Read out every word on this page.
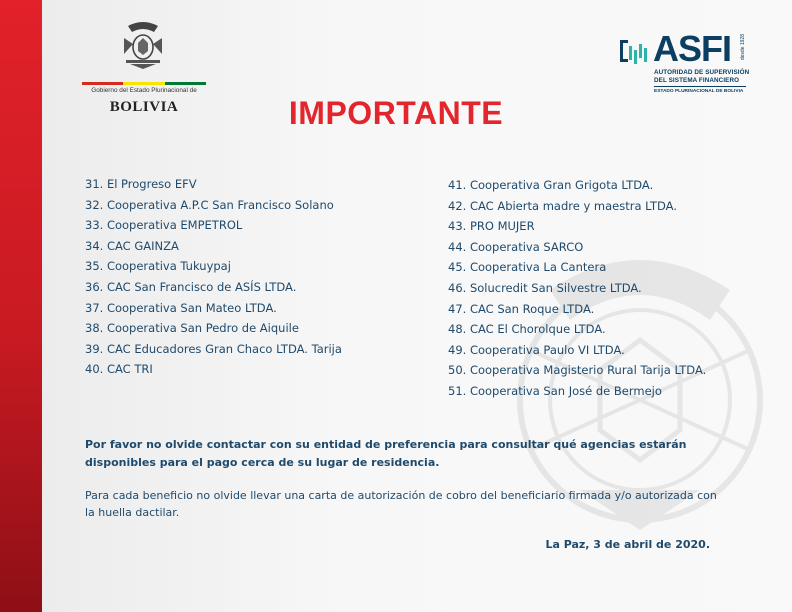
Gobierno del Estado Plurinacional de
BOLIVIA
ASFI desde 1928
AUTORIDAD DE SUPERVISIÓN
DEL SISTEMA FINANCIERO
ESTADO PLURINACIONAL DE BOLIVIA
IMPORTANTE
31. El Progreso EFV
32. Cooperativa A.P.C San Francisco Solano
33. Cooperativa EMPETROL
34. CAC GAINZA
35. Cooperativa Tukuypaj
36. CAC San Francisco de ASÍS LTDA.
37. Cooperativa San Mateo LTDA.
38. Cooperativa San Pedro de Aiquile
39. CAC Educadores Gran Chaco LTDA. Tarija
40. CAC TRI
41. Cooperativa Gran Grigota LTDA.
42. CAC Abierta madre y maestra LTDA.
43. PRO MUJER
44. Cooperativa SARCO
45. Cooperativa La Cantera
46. Solucredit San Silvestre LTDA.
47. CAC San Roque LTDA.
48. CAC El Chorolque LTDA.
49. Cooperativa Paulo VI LTDA.
50. Cooperativa Magisterio Rural Tarija LTDA.
51. Cooperativa San José de Bermejo

Por favor no olvide contactar con su entidad de preferencia para consultar qué agencias estarán disponibles para el pago cerca de su lugar de residencia.

Para cada beneficio no olvide llevar una carta de autorización de cobro del beneficiario firmada y/o autorizada con la huella dactilar.

La Paz, 3 de abril de 2020.
